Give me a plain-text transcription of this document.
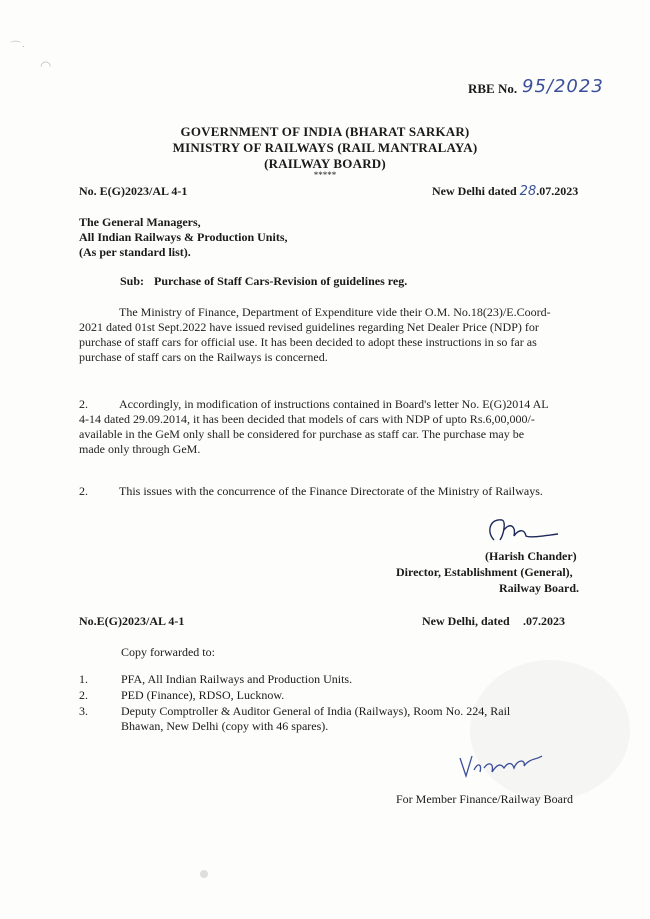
⌒ ·
◠
RBE No. 95/2023
GOVERNMENT OF INDIA (BHARAT SARKAR)
MINISTRY OF RAILWAYS (RAIL MANTRALAYA)
(RAILWAY BOARD)
*****
No. E(G)2023/AL 4-1	New Delhi dated 28.07.2023
The General Managers,
All Indian Railways & Production Units,
(As per standard list).
Sub: Purchase of Staff Cars-Revision of guidelines reg.
The Ministry of Finance, Department of Expenditure vide their O.M. No.18(23)/E.Coord-
2021 dated 01st Sept.2022 have issued revised guidelines regarding Net Dealer Price (NDP) for
purchase of staff cars for official use. It has been decided to adopt these instructions in so far as
purchase of staff cars on the Railways is concerned.
2.	Accordingly, in modification of instructions contained in Board's letter No. E(G)2014 AL
4-14 dated 29.09.2014, it has been decided that models of cars with NDP of upto Rs.6,00,000/-
available in the GeM only shall be considered for purchase as staff car. The purchase may be
made only through GeM.
2.	This issues with the concurrence of the Finance Directorate of the Ministry of Railways.
(Harish Chander)
Director, Establishment (General),
Railway Board.
No.E(G)2023/AL 4-1	New Delhi, dated .07.2023
Copy forwarded to:
1.	PFA, All Indian Railways and Production Units.
2.	PED (Finance), RDSO, Lucknow.
3.	Deputy Comptroller & Auditor General of India (Railways), Room No. 224, Rail
Bhawan, New Delhi (copy with 46 spares).
For Member Finance/Railway Board
